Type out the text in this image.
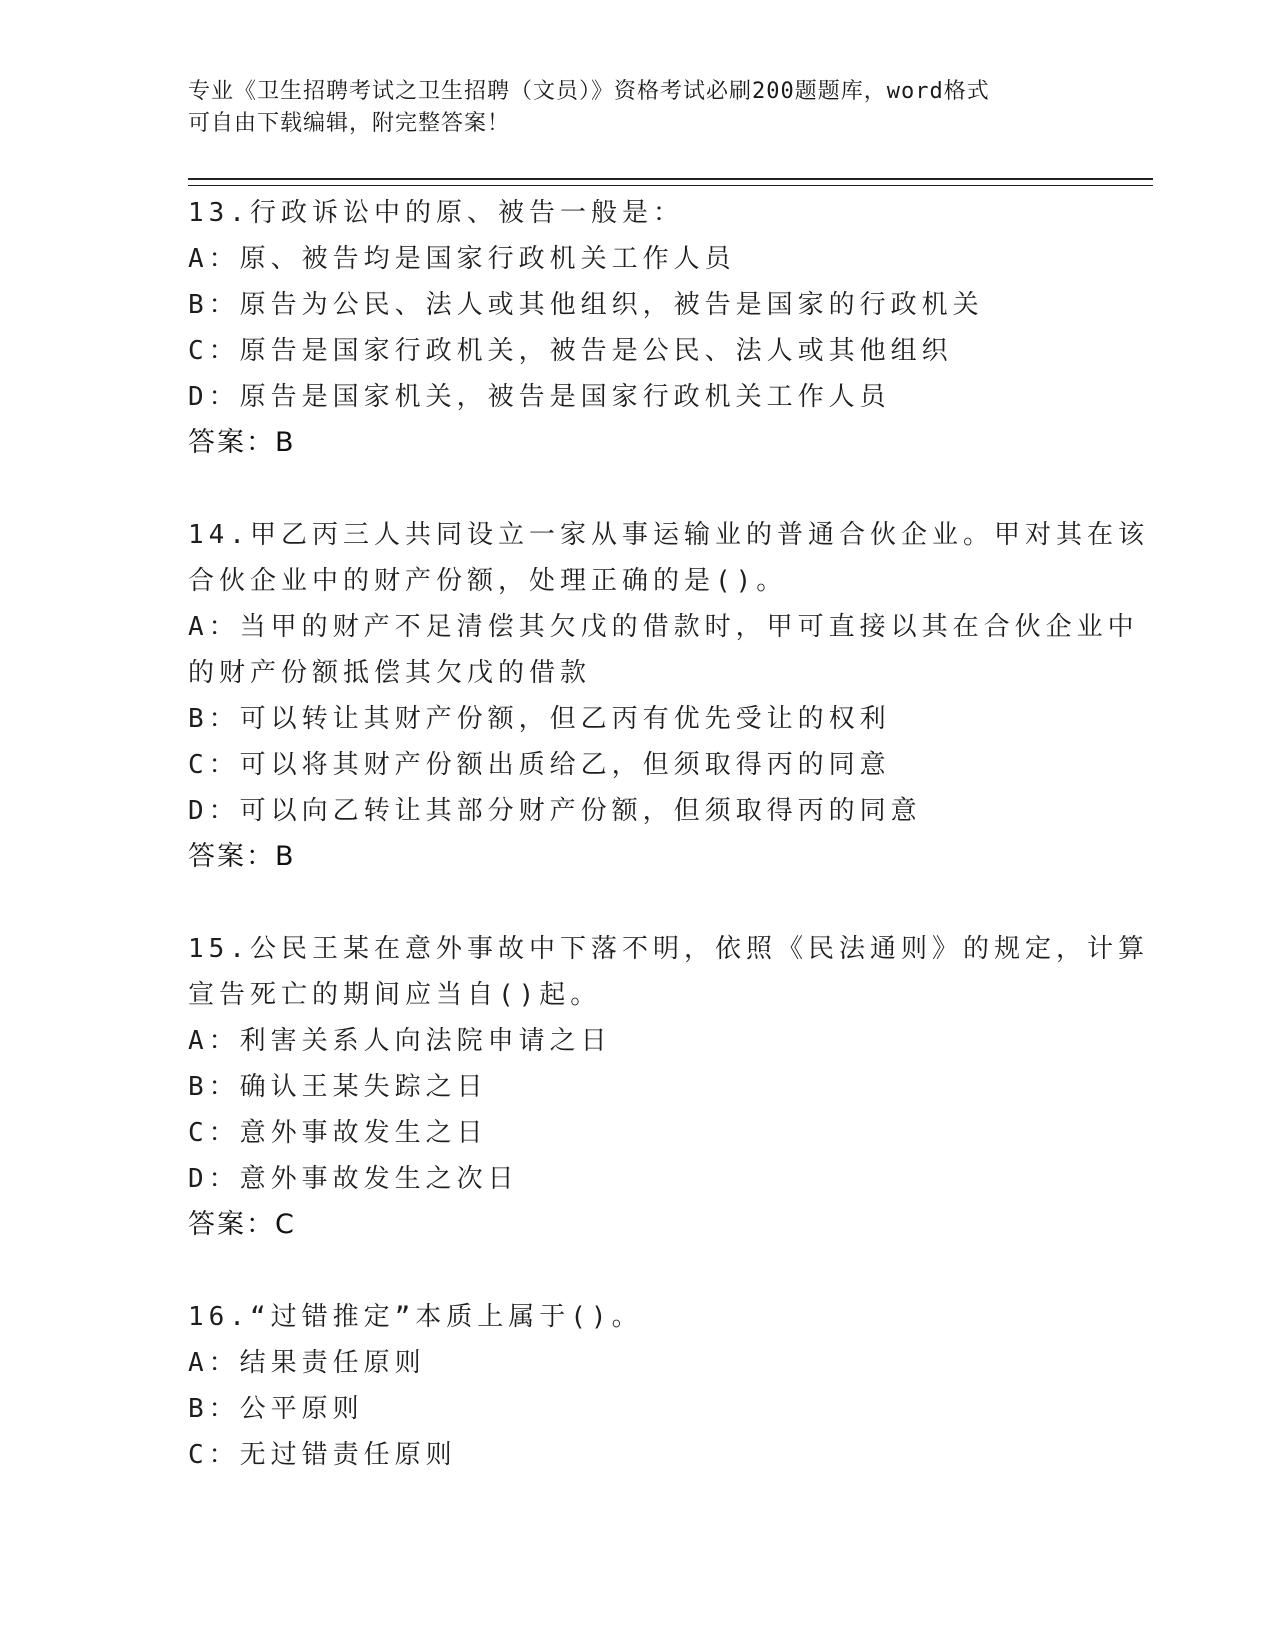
专业《卫生招聘考试之卫生招聘（文员）》资格考试必刷200题题库，word格式
可自由下载编辑，附完整答案！
13.行政诉讼中的原、被告一般是：
A：原、被告均是国家行政机关工作人员
B：原告为公民、法人或其他组织，被告是国家的行政机关
C：原告是国家行政机关，被告是公民、法人或其他组织
D：原告是国家机关，被告是国家行政机关工作人员
答案：B
14.甲乙丙三人共同设立一家从事运输业的普通合伙企业。甲对其在该
合伙企业中的财产份额，处理正确的是()。
A：当甲的财产不足清偿其欠戊的借款时，甲可直接以其在合伙企业中
的财产份额抵偿其欠戊的借款
B：可以转让其财产份额，但乙丙有优先受让的权利
C：可以将其财产份额出质给乙，但须取得丙的同意
D：可以向乙转让其部分财产份额，但须取得丙的同意
答案：B
15.公民王某在意外事故中下落不明，依照《民法通则》的规定，计算
宣告死亡的期间应当自()起。
A：利害关系人向法院申请之日
B：确认王某失踪之日
C：意外事故发生之日
D：意外事故发生之次日
答案：C
16.“过错推定”本质上属于()。
A：结果责任原则
B：公平原则
C：无过错责任原则
